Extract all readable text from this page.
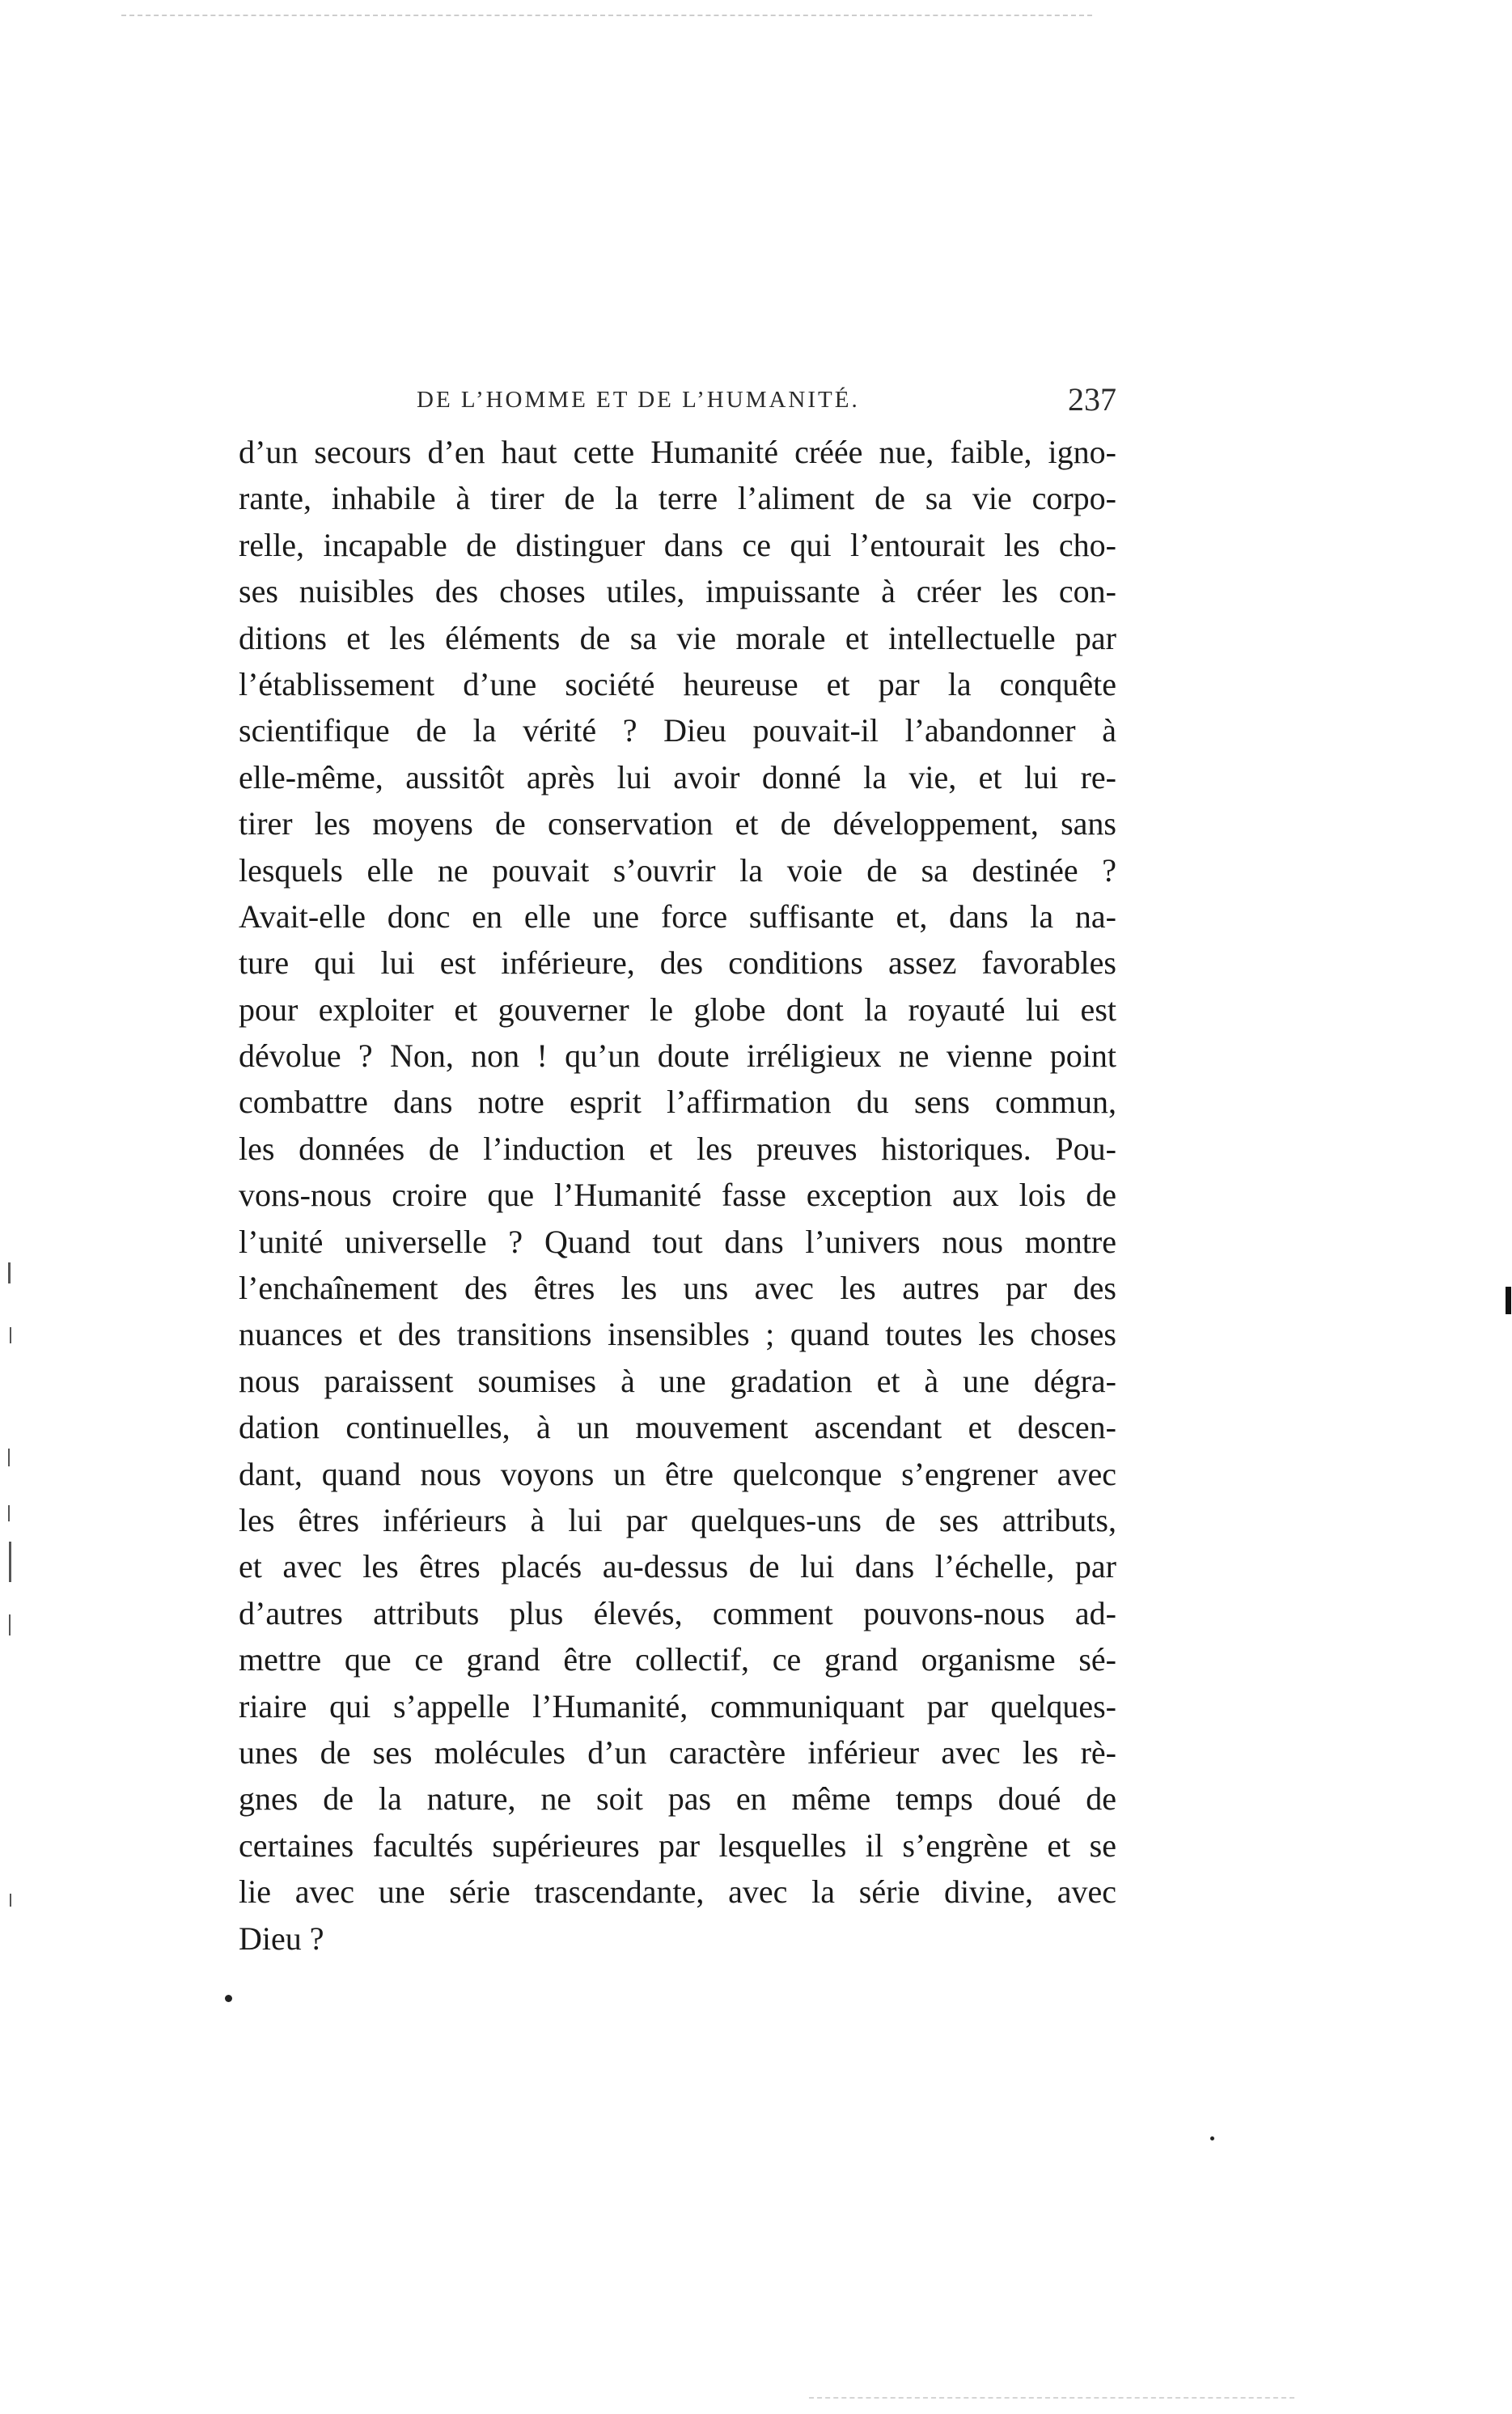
DE L’HOMME ET DE L’HUMANITÉ.	237
d’un secours d’en haut cette Humanité créée nue, faible, igno-
rante, inhabile à tirer de la terre l’aliment de sa vie corpo-
relle, incapable de distinguer dans ce qui l’entourait les cho-
ses nuisibles des choses utiles, impuissante à créer les con-
ditions et les éléments de sa vie morale et intellectuelle par
l’établissement d’une société heureuse et par la conquête
scientifique de la vérité ? Dieu pouvait-il l’abandonner à
elle-même, aussitôt après lui avoir donné la vie, et lui re-
tirer les moyens de conservation et de développement, sans
lesquels elle ne pouvait s’ouvrir la voie de sa destinée ?
Avait-elle donc en elle une force suffisante et, dans la na-
ture qui lui est inférieure, des conditions assez favorables
pour exploiter et gouverner le globe dont la royauté lui est
dévolue ? Non, non ! qu’un doute irréligieux ne vienne point
combattre dans notre esprit l’affirmation du sens commun,
les données de l’induction et les preuves historiques. Pou-
vons-nous croire que l’Humanité fasse exception aux lois de
l’unité universelle ? Quand tout dans l’univers nous montre
l’enchaînement des êtres les uns avec les autres par des
nuances et des transitions insensibles ; quand toutes les choses
nous paraissent soumises à une gradation et à une dégra-
dation continuelles, à un mouvement ascendant et descen-
dant, quand nous voyons un être quelconque s’engrener avec
les êtres inférieurs à lui par quelques-uns de ses attributs,
et avec les êtres placés au-dessus de lui dans l’échelle, par
d’autres attributs plus élevés, comment pouvons-nous ad-
mettre que ce grand être collectif, ce grand organisme sé-
riaire qui s’appelle l’Humanité, communiquant par quelques-
unes de ses molécules d’un caractère inférieur avec les rè-
gnes de la nature, ne soit pas en même temps doué de
certaines facultés supérieures par lesquelles il s’engrène et se
lie avec une série trascendante, avec la série divine, avec
Dieu ?
